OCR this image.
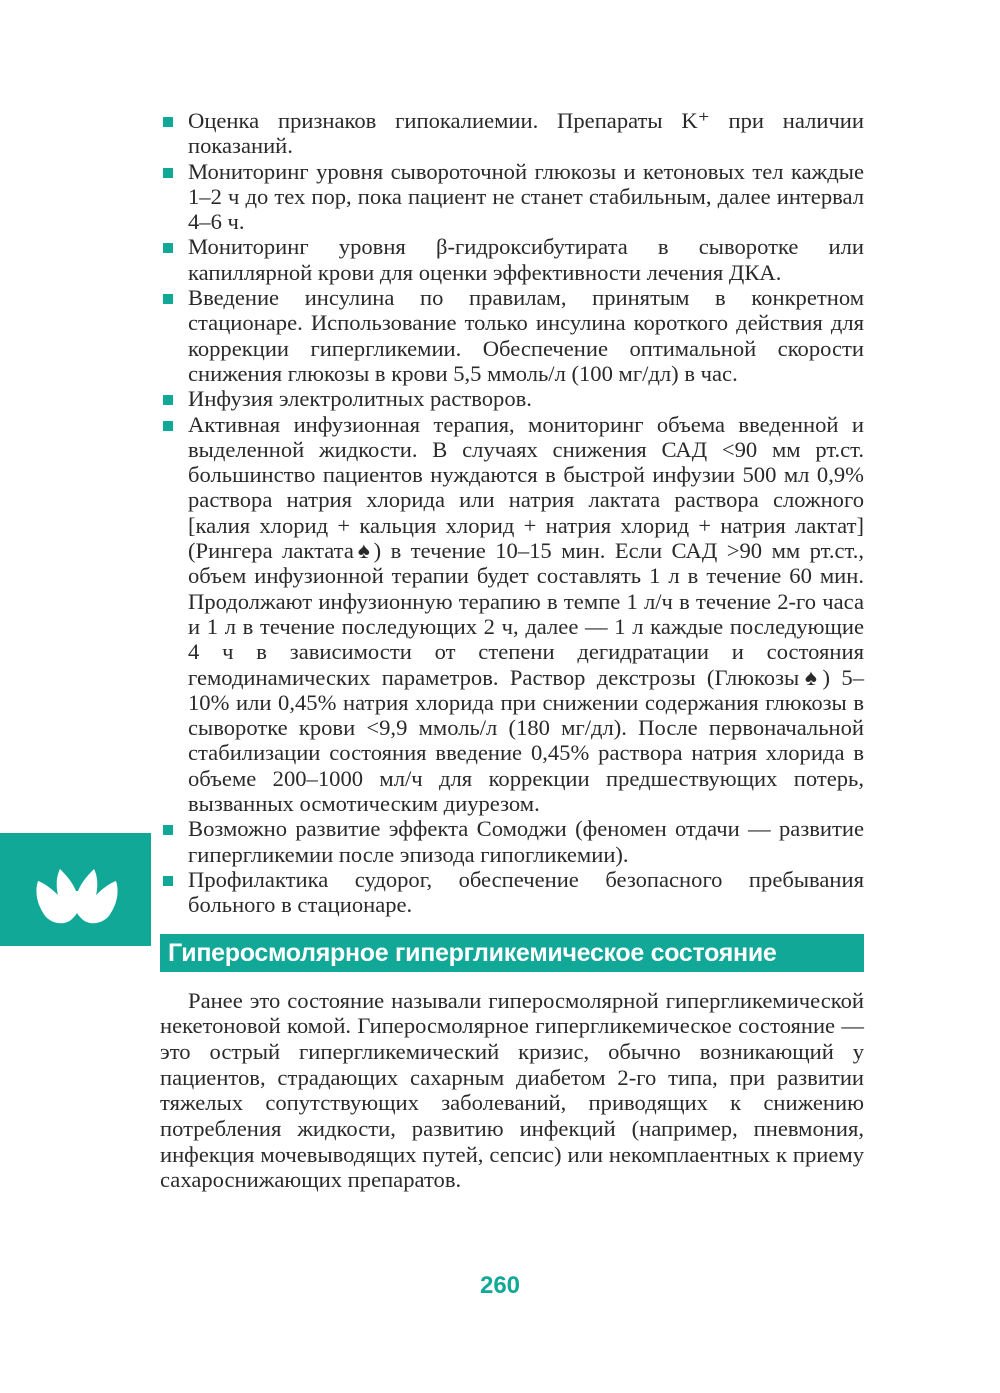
Оценка признаков гипокалиемии. Препараты K⁺ при наличии показаний.
Мониторинг уровня сывороточной глюкозы и кетоновых тел каждые 1–2 ч до тех пор, пока пациент не станет стабильным, далее интервал 4–6 ч.
Мониторинг уровня β-гидроксибутирата в сыворотке или капиллярной крови для оценки эффективности лечения ДКА.
Введение инсулина по правилам, принятым в конкретном стационаре. Использование только инсулина короткого действия для коррекции гипергликемии. Обеспечение оптимальной скорости снижения глюкозы в крови 5,5 ммоль/л (100 мг/дл) в час.
Инфузия электролитных растворов.
Активная инфузионная терапия, мониторинг объема введенной и выделенной жидкости. В случаях снижения САД <90 мм рт.ст. большинство пациентов нуждаются в быстрой инфузии 500 мл 0,9% раствора натрия хлорида или натрия лактата раствора сложного [калия хлорид + кальция хлорид + натрия хлорид + натрия лактат] (Рингера лактата♠) в течение 10–15 мин. Если САД >90 мм рт.ст., объем инфузионной терапии будет составлять 1 л в течение 60 мин. Продолжают инфузионную терапию в темпе 1 л/ч в течение 2-го часа и 1 л в течение последующих 2 ч, далее — 1 л каждые последующие 4 ч в зависимости от степени дегидратации и состояния гемодинамических параметров. Раствор декстрозы (Глюкозы♠) 5–10% или 0,45% натрия хлорида при снижении содержания глюкозы в сыворотке крови <9,9 ммоль/л (180 мг/дл). После первоначальной стабилизации состояния введение 0,45% раствора натрия хлорида в объеме 200–1000 мл/ч для коррекции предшествующих потерь, вызванных осмотическим диурезом.
Возможно развитие эффекта Сомоджи (феномен отдачи — развитие гипергликемии после эпизода гипогликемии).
Профилактика судорог, обеспечение безопасного пребывания больного в стационаре.
Гиперосмолярное гипергликемическое состояние

Ранее это состояние называли гиперосмолярной гипергликемической некетоновой комой. Гиперосмолярное гипергликемическое состояние — это острый гипергликемический кризис, обычно возникающий у пациентов, страдающих сахарным диабетом 2-го типа, при развитии тяжелых сопутствующих заболеваний, приводящих к снижению потребления жидкости, развитию инфекций (например, пневмония, инфекция мочевыводящих путей, сепсис) или некомплаентных к приему сахароснижающих препаратов.

260
